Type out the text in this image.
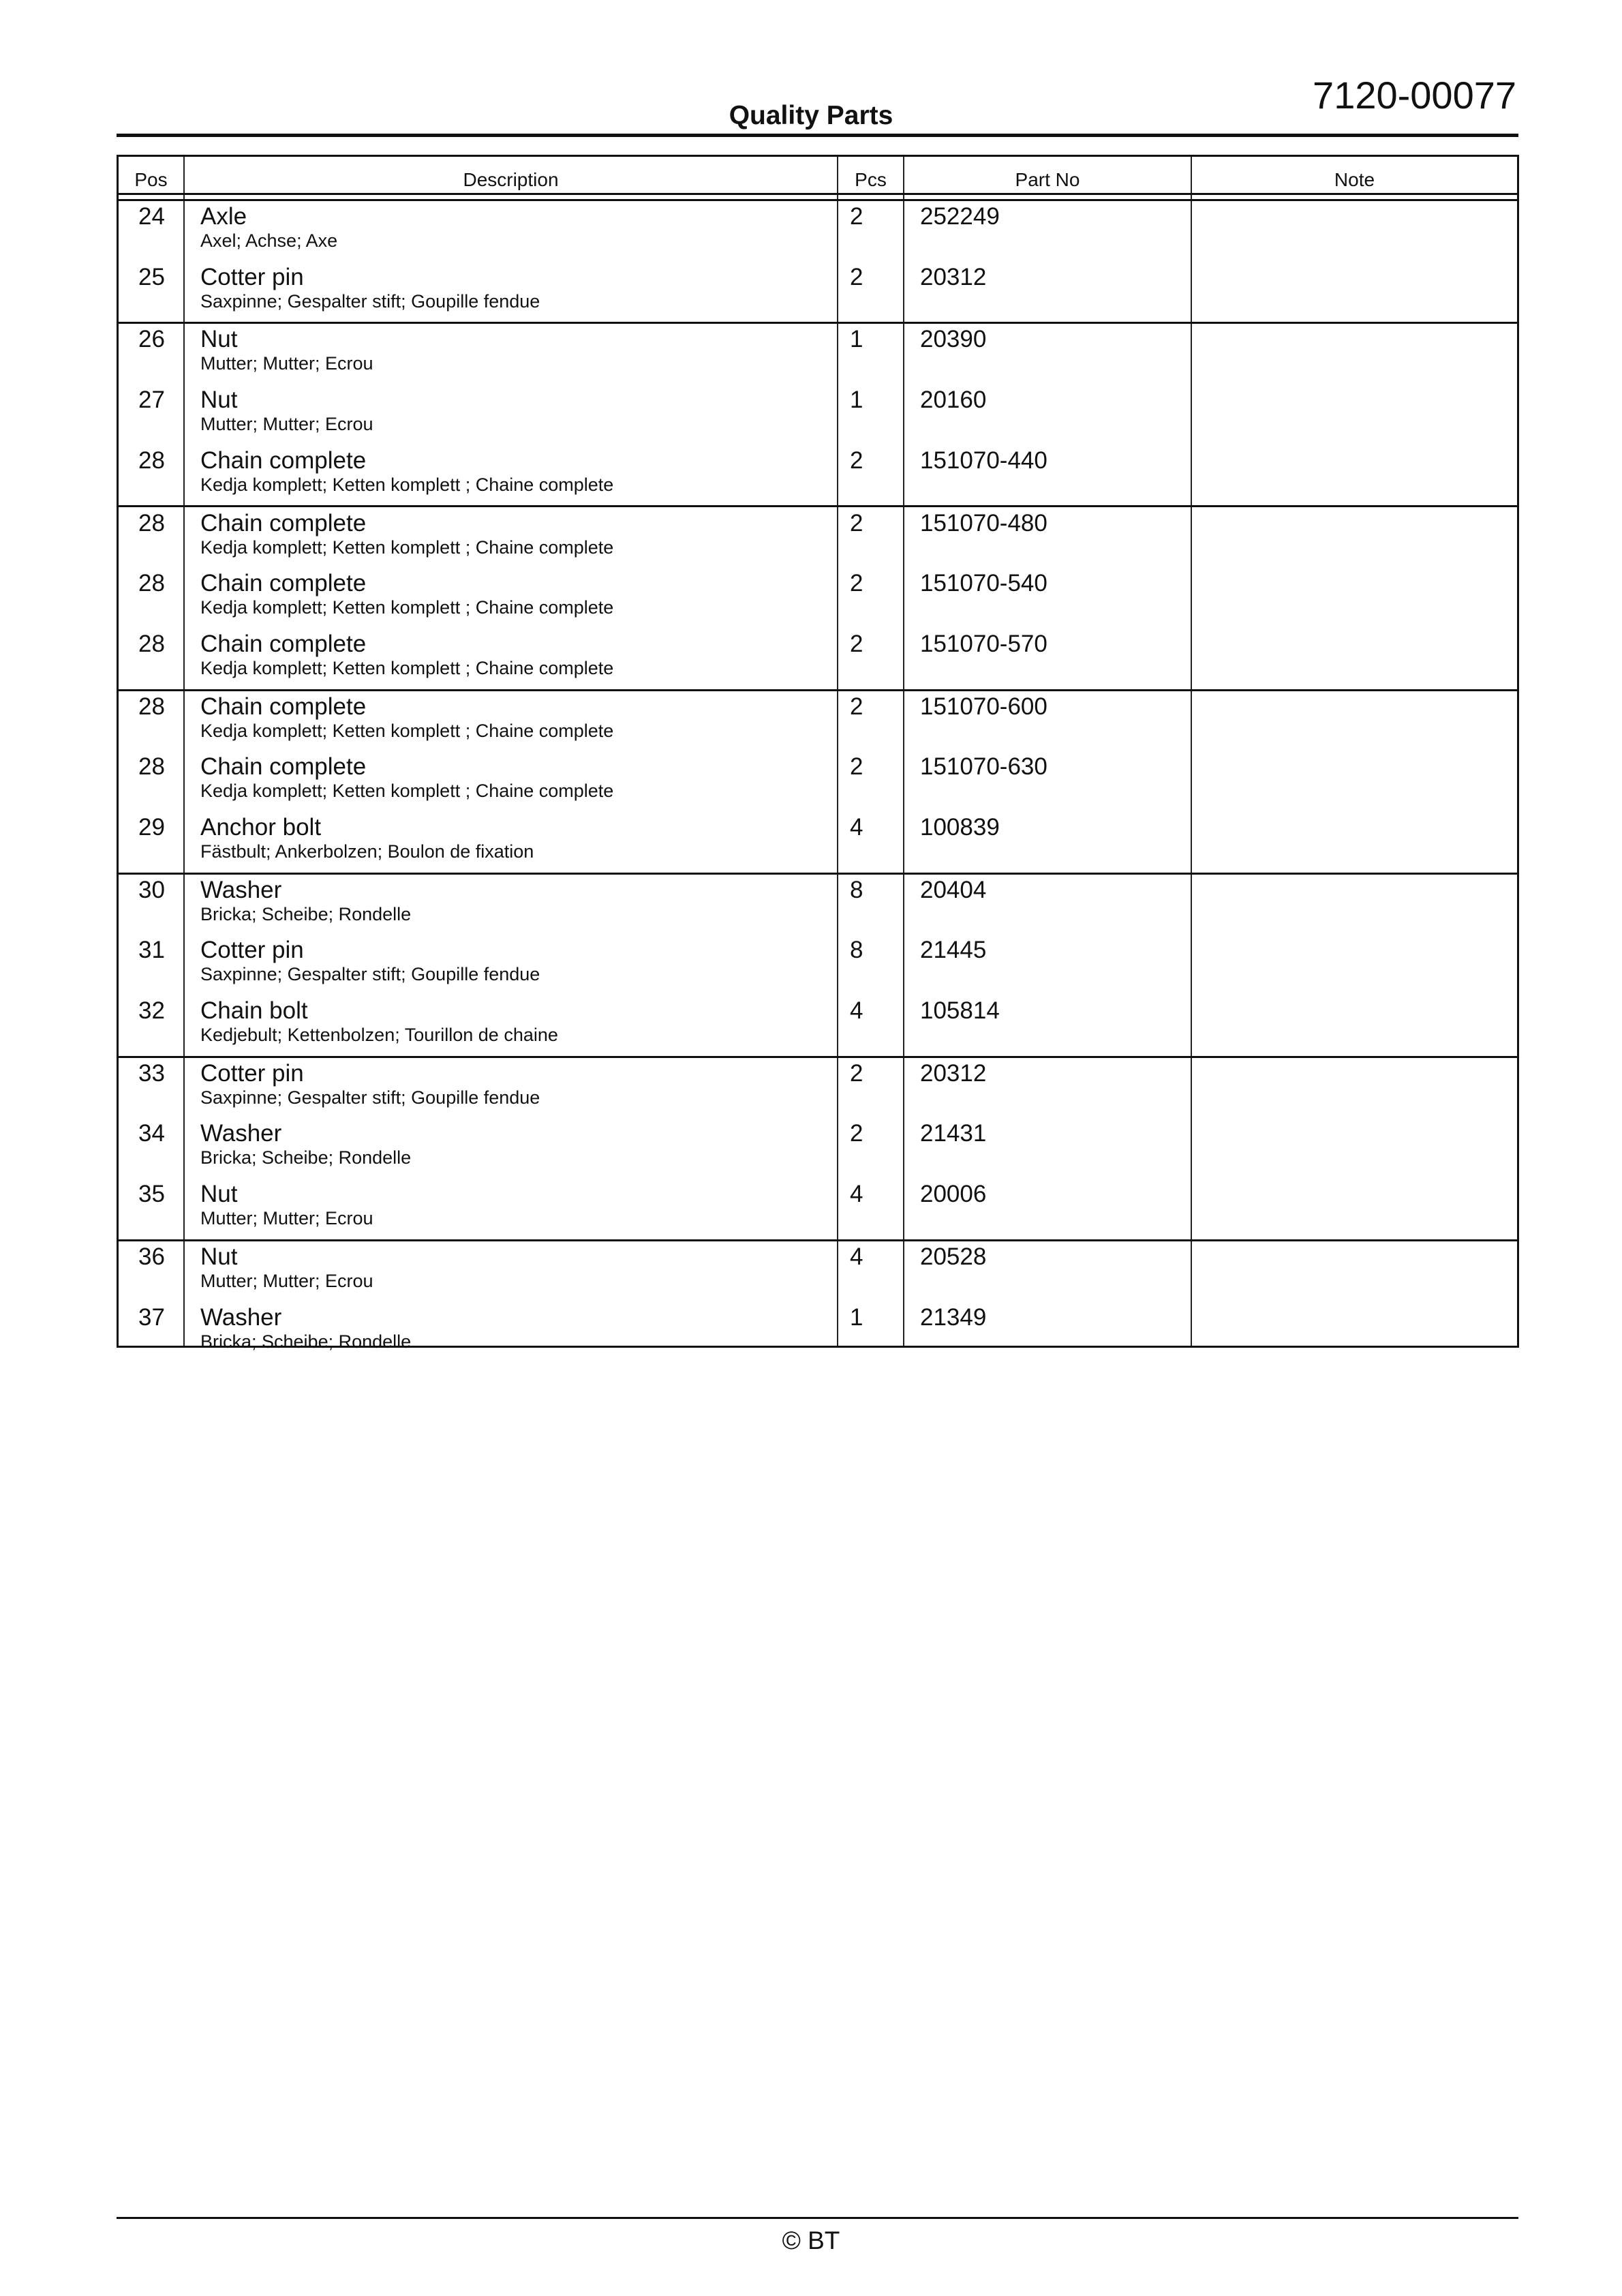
7120-00077
Quality Parts
Pos	Description	Pcs	Part No	Note
24	Axle
Axel; Achse; Axe
2 252249
25	Cotter pin
Saxpinne; Gespalter stift; Goupille fendue
2 20312
26	Nut
Mutter; Mutter; Ecrou
1 20390
27	Nut
Mutter; Mutter; Ecrou
1 20160
28	Chain complete
Kedja komplett; Ketten komplett ; Chaine complete
2 151070-440
28	Chain complete
Kedja komplett; Ketten komplett ; Chaine complete
2 151070-480
28	Chain complete
Kedja komplett; Ketten komplett ; Chaine complete
2 151070-540
28	Chain complete
Kedja komplett; Ketten komplett ; Chaine complete
2 151070-570
28	Chain complete
Kedja komplett; Ketten komplett ; Chaine complete
2 151070-600
28	Chain complete
Kedja komplett; Ketten komplett ; Chaine complete
2 151070-630
29	Anchor bolt
Fästbult; Ankerbolzen; Boulon de fixation
4 100839
30	Washer
Bricka; Scheibe; Rondelle
8 20404
31	Cotter pin
Saxpinne; Gespalter stift; Goupille fendue
8 21445
32	Chain bolt
Kedjebult; Kettenbolzen; Tourillon de chaine
4 105814
33	Cotter pin
Saxpinne; Gespalter stift; Goupille fendue
2 20312
34	Washer
Bricka; Scheibe; Rondelle
2 21431
35	Nut
Mutter; Mutter; Ecrou
4 20006
36	Nut
Mutter; Mutter; Ecrou
4 20528
37	Washer
Bricka; Scheibe; Rondelle
1 21349
© BT
